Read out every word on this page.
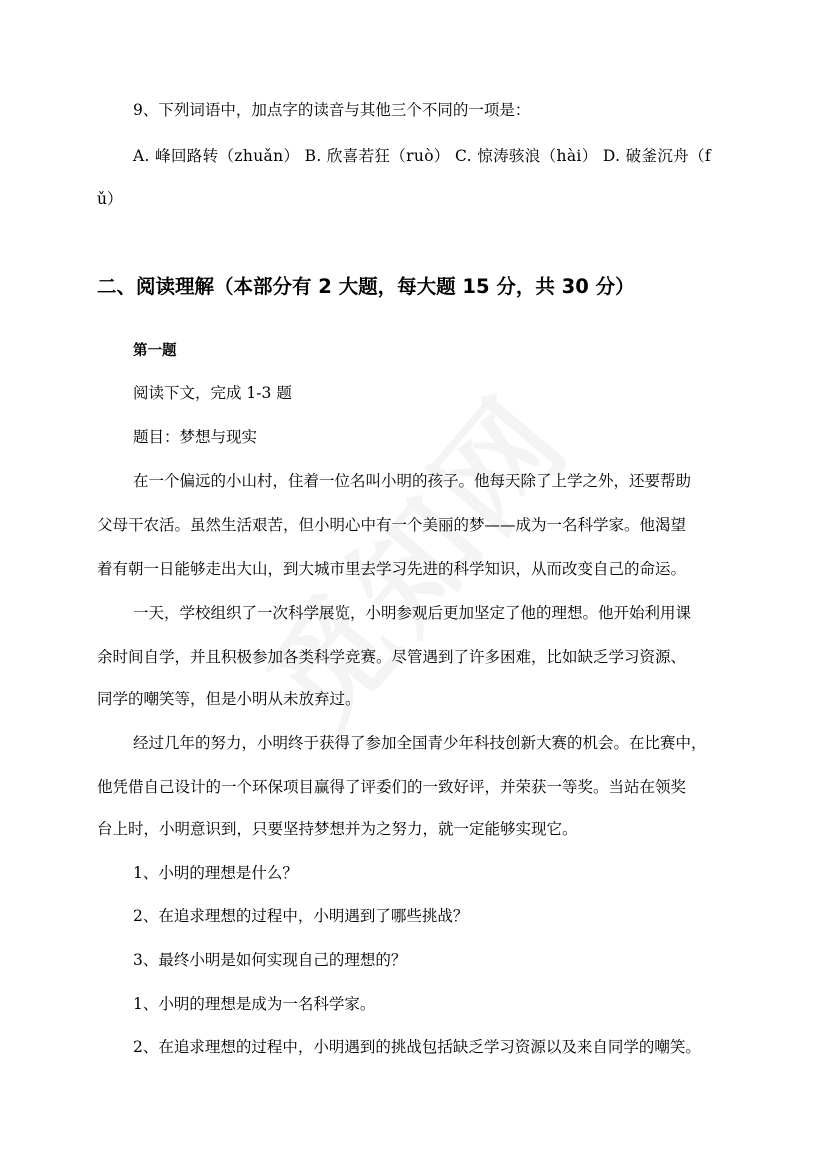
9、下列词语中，加点字的读音与其他三个不同的一项是：
A. 峰回路转（zhuǎn） B. 欣喜若狂（ruò） C. 惊涛骇浪（hài） D. 破釜沉舟（f
ǔ）
二、阅读理解（本部分有 2 大题，每大题 15 分，共 30 分）
第一题
阅读下文，完成 1-3 题
题目：梦想与现实
在一个偏远的小山村，住着一位名叫小明的孩子。他每天除了上学之外，还要帮助
父母干农活。虽然生活艰苦，但小明心中有一个美丽的梦——成为一名科学家。他渴望
着有朝一日能够走出大山，到大城市里去学习先进的科学知识，从而改变自己的命运。
一天，学校组织了一次科学展览，小明参观后更加坚定了他的理想。他开始利用课
余时间自学，并且积极参加各类科学竞赛。尽管遇到了许多困难，比如缺乏学习资源、
同学的嘲笑等，但是小明从未放弃过。
经过几年的努力，小明终于获得了参加全国青少年科技创新大赛的机会。在比赛中，
他凭借自己设计的一个环保项目赢得了评委们的一致好评，并荣获一等奖。当站在领奖
台上时，小明意识到，只要坚持梦想并为之努力，就一定能够实现它。
1、小明的理想是什么？
2、在追求理想的过程中，小明遇到了哪些挑战？
3、最终小明是如何实现自己的理想的？
1、小明的理想是成为一名科学家。
2、在追求理想的过程中，小明遇到的挑战包括缺乏学习资源以及来自同学的嘲笑。
